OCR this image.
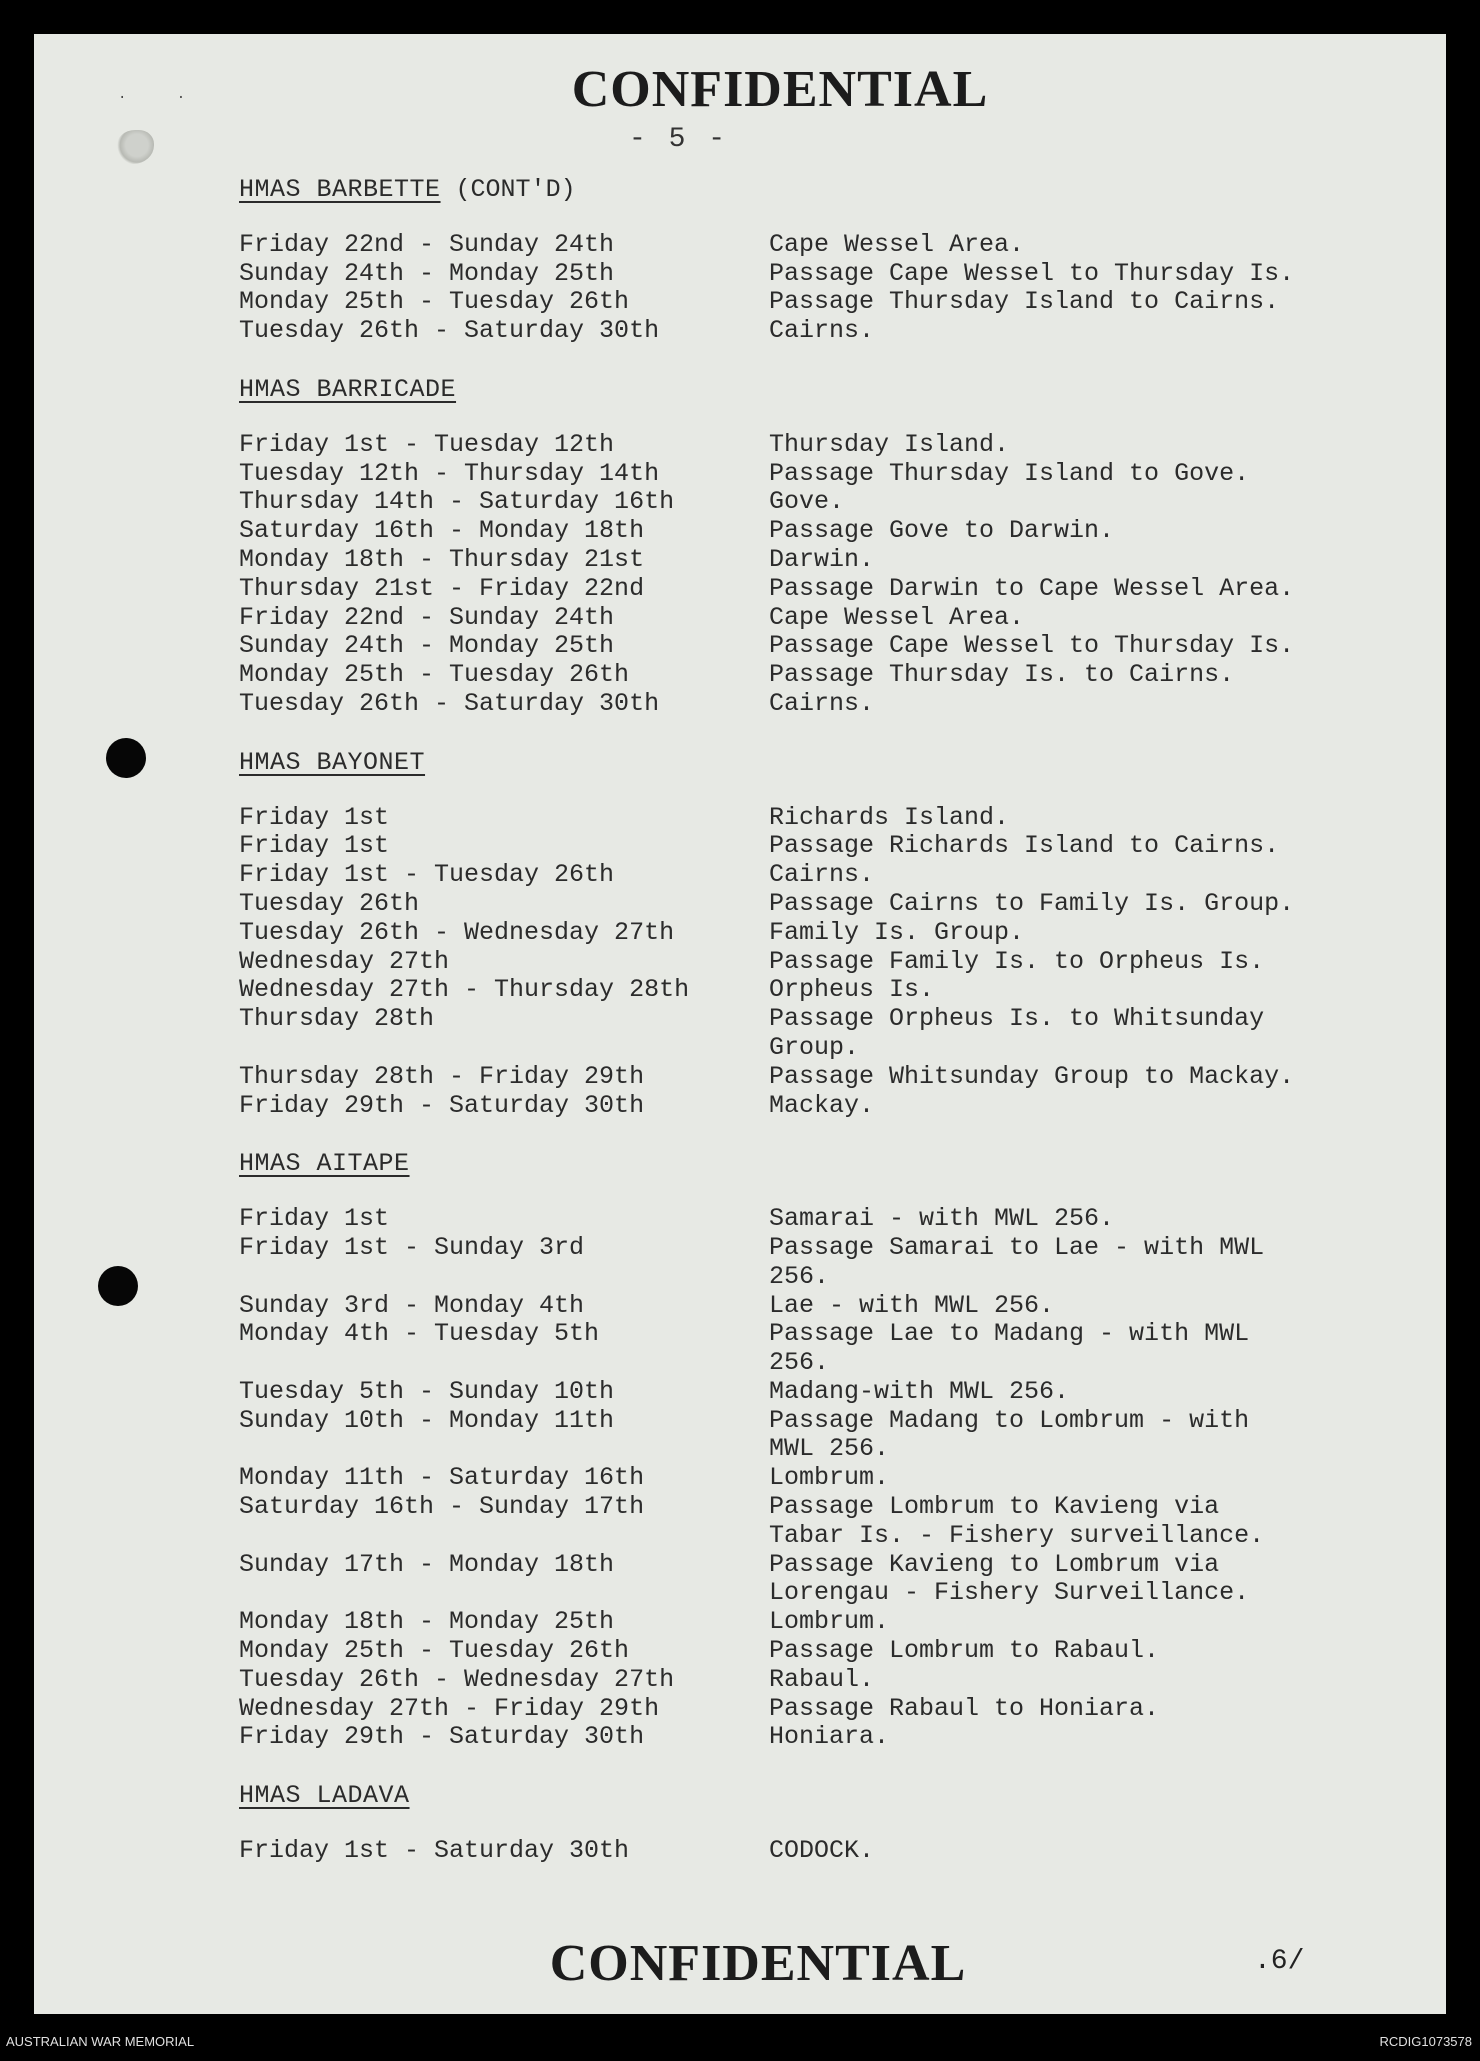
·      ·	CONFIDENTIAL
- 5 -
HMAS BARBETTE (CONT'D)
Friday 22nd - Sunday 24th	Cape Wessel Area.
Sunday 24th - Monday 25th	Passage Cape Wessel to Thursday Is.
Monday 25th - Tuesday 26th	Passage Thursday Island to Cairns.
Tuesday 26th - Saturday 30th	Cairns.
HMAS BARRICADE
Friday 1st - Tuesday 12th	Thursday Island.
Tuesday 12th - Thursday 14th	Passage Thursday Island to Gove.
Thursday 14th - Saturday 16th	Gove.
Saturday 16th - Monday 18th	Passage Gove to Darwin.
Monday 18th - Thursday 21st	Darwin.
Thursday 21st - Friday 22nd	Passage Darwin to Cape Wessel Area.
Friday 22nd - Sunday 24th	Cape Wessel Area.
Sunday 24th - Monday 25th	Passage Cape Wessel to Thursday Is.
Monday 25th - Tuesday 26th	Passage Thursday Is. to Cairns.
Tuesday 26th - Saturday 30th	Cairns.
HMAS BAYONET
Friday 1st	Richards Island.
Friday 1st	Passage Richards Island to Cairns.
Friday 1st - Tuesday 26th	Cairns.
Tuesday 26th	Passage Cairns to Family Is. Group.
Tuesday 26th - Wednesday 27th	Family Is. Group.
Wednesday 27th	Passage Family Is. to Orpheus Is.
Wednesday 27th - Thursday 28th	Orpheus Is.
Thursday 28th	Passage Orpheus Is. to Whitsunday
Group.
Thursday 28th - Friday 29th	Passage Whitsunday Group to Mackay.
Friday 29th - Saturday 30th	Mackay.
HMAS AITAPE
Friday 1st	Samarai - with MWL 256.
Friday 1st - Sunday 3rd	Passage Samarai to Lae - with MWL
256.
Sunday 3rd - Monday 4th	Lae - with MWL 256.
Monday 4th - Tuesday 5th	Passage Lae to Madang - with MWL
256.
Tuesday 5th - Sunday 10th	Madang-with MWL 256.
Sunday 10th - Monday 11th	Passage Madang to Lombrum - with
MWL 256.
Monday 11th - Saturday 16th	Lombrum.
Saturday 16th - Sunday 17th	Passage Lombrum to Kavieng via
Tabar Is. - Fishery surveillance.
Sunday 17th - Monday 18th	Passage Kavieng to Lombrum via
Lorengau - Fishery Surveillance.
Monday 18th - Monday 25th	Lombrum.
Monday 25th - Tuesday 26th	Passage Lombrum to Rabaul.
Tuesday 26th - Wednesday 27th	Rabaul.
Wednesday 27th - Friday 29th	Passage Rabaul to Honiara.
Friday 29th - Saturday 30th	Honiara.
HMAS LADAVA
Friday 1st - Saturday 30th	CODOCK.
CONFIDENTIAL	.6/
AUSTRALIAN WAR MEMORIAL	RCDIG1073578
